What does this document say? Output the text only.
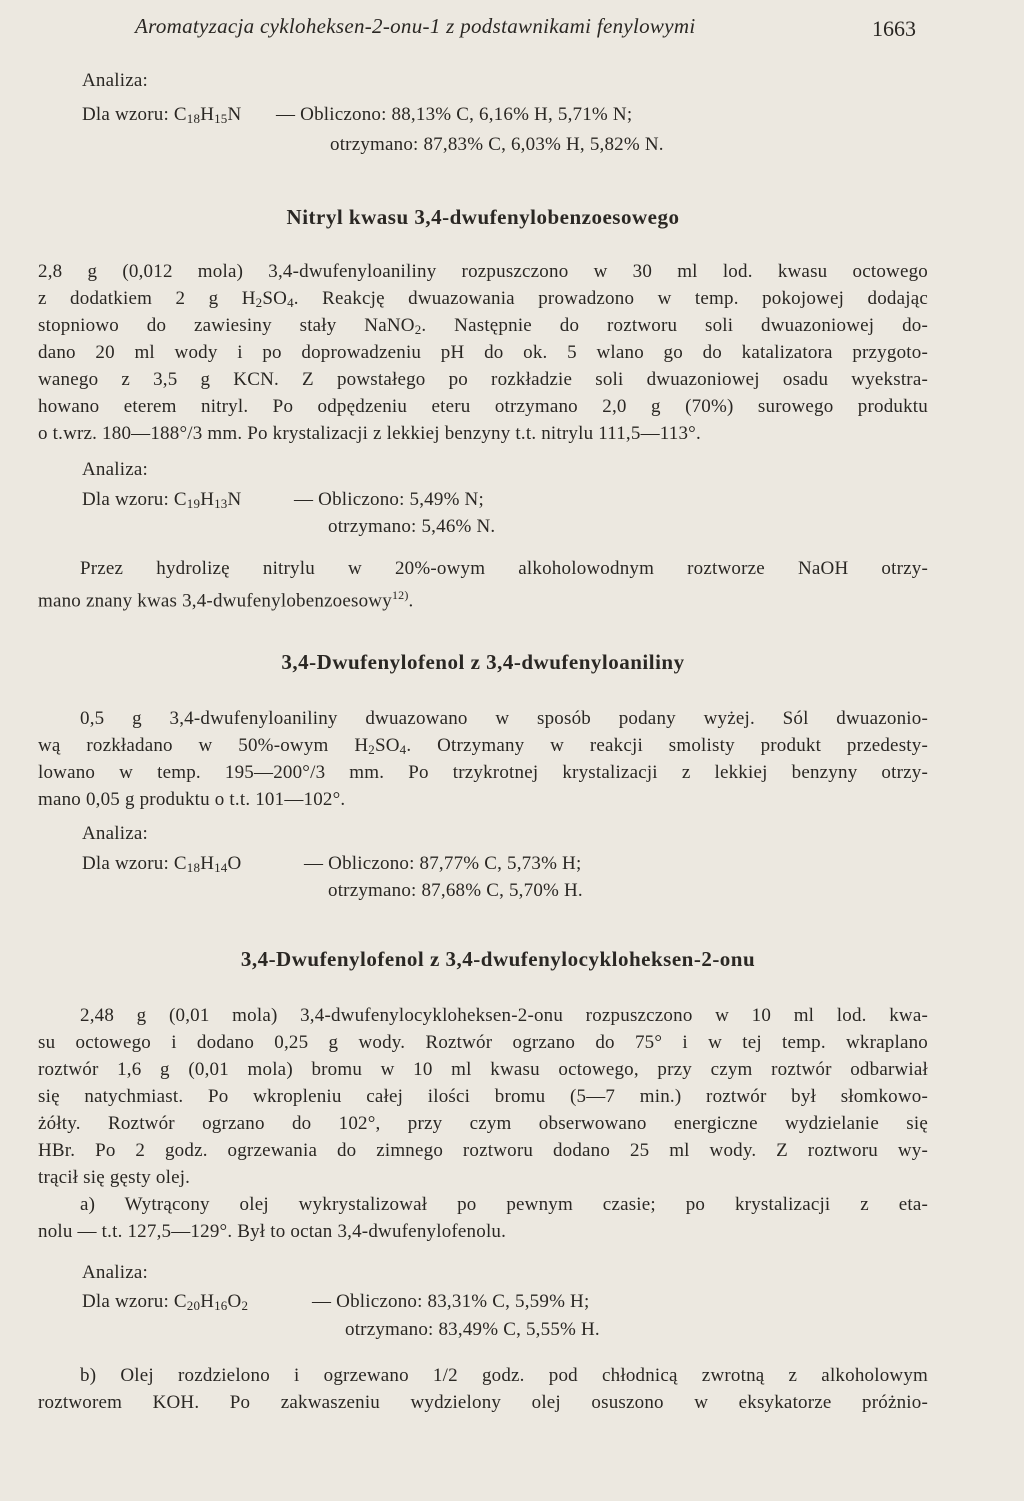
Aromatyzacja cykloheksen-2-onu-1 z podstawnikami fenylowymi	1663
Analiza:
Dla wzoru: $C_{18}H_{15}N$ — Obliczono: 88,13% C, 6,16% H, 5,71% N;
otrzymano: 87,83% C, 6,03% H, 5,82% N.
Nitryl kwasu 3,4-dwufenylobenzoesowego
2,8 g (0,012 mola) 3,4-dwufenyloaniliny rozpuszczono w 30 ml lod. kwasu octowego
z dodatkiem 2 g $H_2SO_4$. Reakcję dwuazowania prowadzono w temp. pokojowej dodając
stopniowo do zawiesiny stały NaNO$_2$. Następnie do roztworu soli dwuazoniowej do-
dano 20 ml wody i po doprowadzeniu pH do ok. 5 wlano go do katalizatora przygoto-
wanego z 3,5 g KCN. Z powstałego po rozkładzie soli dwuazoniowej osadu wyekstra-
howano eterem nitryl. Po odpędzeniu eteru otrzymano 2,0 g (70%) surowego produktu
o t.wrz. 180—188°/3 mm. Po krystalizacji z lekkiej benzyny t.t. nitrylu 111,5—113°.
Analiza:
Dla wzoru: $C_{19}H_{13}N$	— Obliczono: 5,49% N;
otrzymano: 5,46% N.
Przez hydrolizę nitrylu w 20%-owym alkoholowodnym roztworze NaOH otrzy-
mano znany kwas 3,4-dwufenylobenzoesowy$^{12)}$.
3,4-Dwufenylofenol z 3,4-dwufenyloaniliny
0,5 g 3,4-dwufenyloaniliny dwuazowano w sposób podany wyżej. Sól dwuazonio-
wą rozkładano w 50%-owym $H_2SO_4$. Otrzymany w reakcji smolisty produkt przedesty-
lowano w temp. 195—200°/3 mm. Po trzykrotnej krystalizacji z lekkiej benzyny otrzy-
mano 0,05 g produktu o t.t. 101—102°.
Analiza:
Dla wzoru: $C_{18}H_{14}O$	— Obliczono: 87,77% C, 5,73% H;
otrzymano: 87,68% C, 5,70% H.
3,4-Dwufenylofenol z 3,4-dwufenylocykloheksen-2-onu
2,48 g (0,01 mola) 3,4-dwufenylocykloheksen-2-onu rozpuszczono w 10 ml lod. kwa-
su octowego i dodano 0,25 g wody. Roztwór ogrzano do 75° i w tej temp. wkraplano
roztwór 1,6 g (0,01 mola) bromu w 10 ml kwasu octowego, przy czym roztwór odbarwiał
się natychmiast. Po wkropleniu całej ilości bromu (5—7 min.) roztwór był słomkowo-
żółty. Roztwór ogrzano do 102°, przy czym obserwowano energiczne wydzielanie się
HBr. Po 2 godz. ogrzewania do zimnego roztworu dodano 25 ml wody. Z roztworu wy-
trącił się gęsty olej.
a) Wytrącony olej wykrystalizował po pewnym czasie; po krystalizacji z eta-
nolu — t.t. 127,5—129°. Był to octan 3,4-dwufenylofenolu.
Analiza:
Dla wzoru: $C_{20}H_{16}O_2$	— Obliczono: 83,31% C, 5,59% H;
otrzymano: 83,49% C, 5,55% H.
b) Olej rozdzielono i ogrzewano 1/2 godz. pod chłodnicą zwrotną z alkoholowym
roztworem KOH. Po zakwaszeniu wydzielony olej osuszono w eksykatorze próżnio-
